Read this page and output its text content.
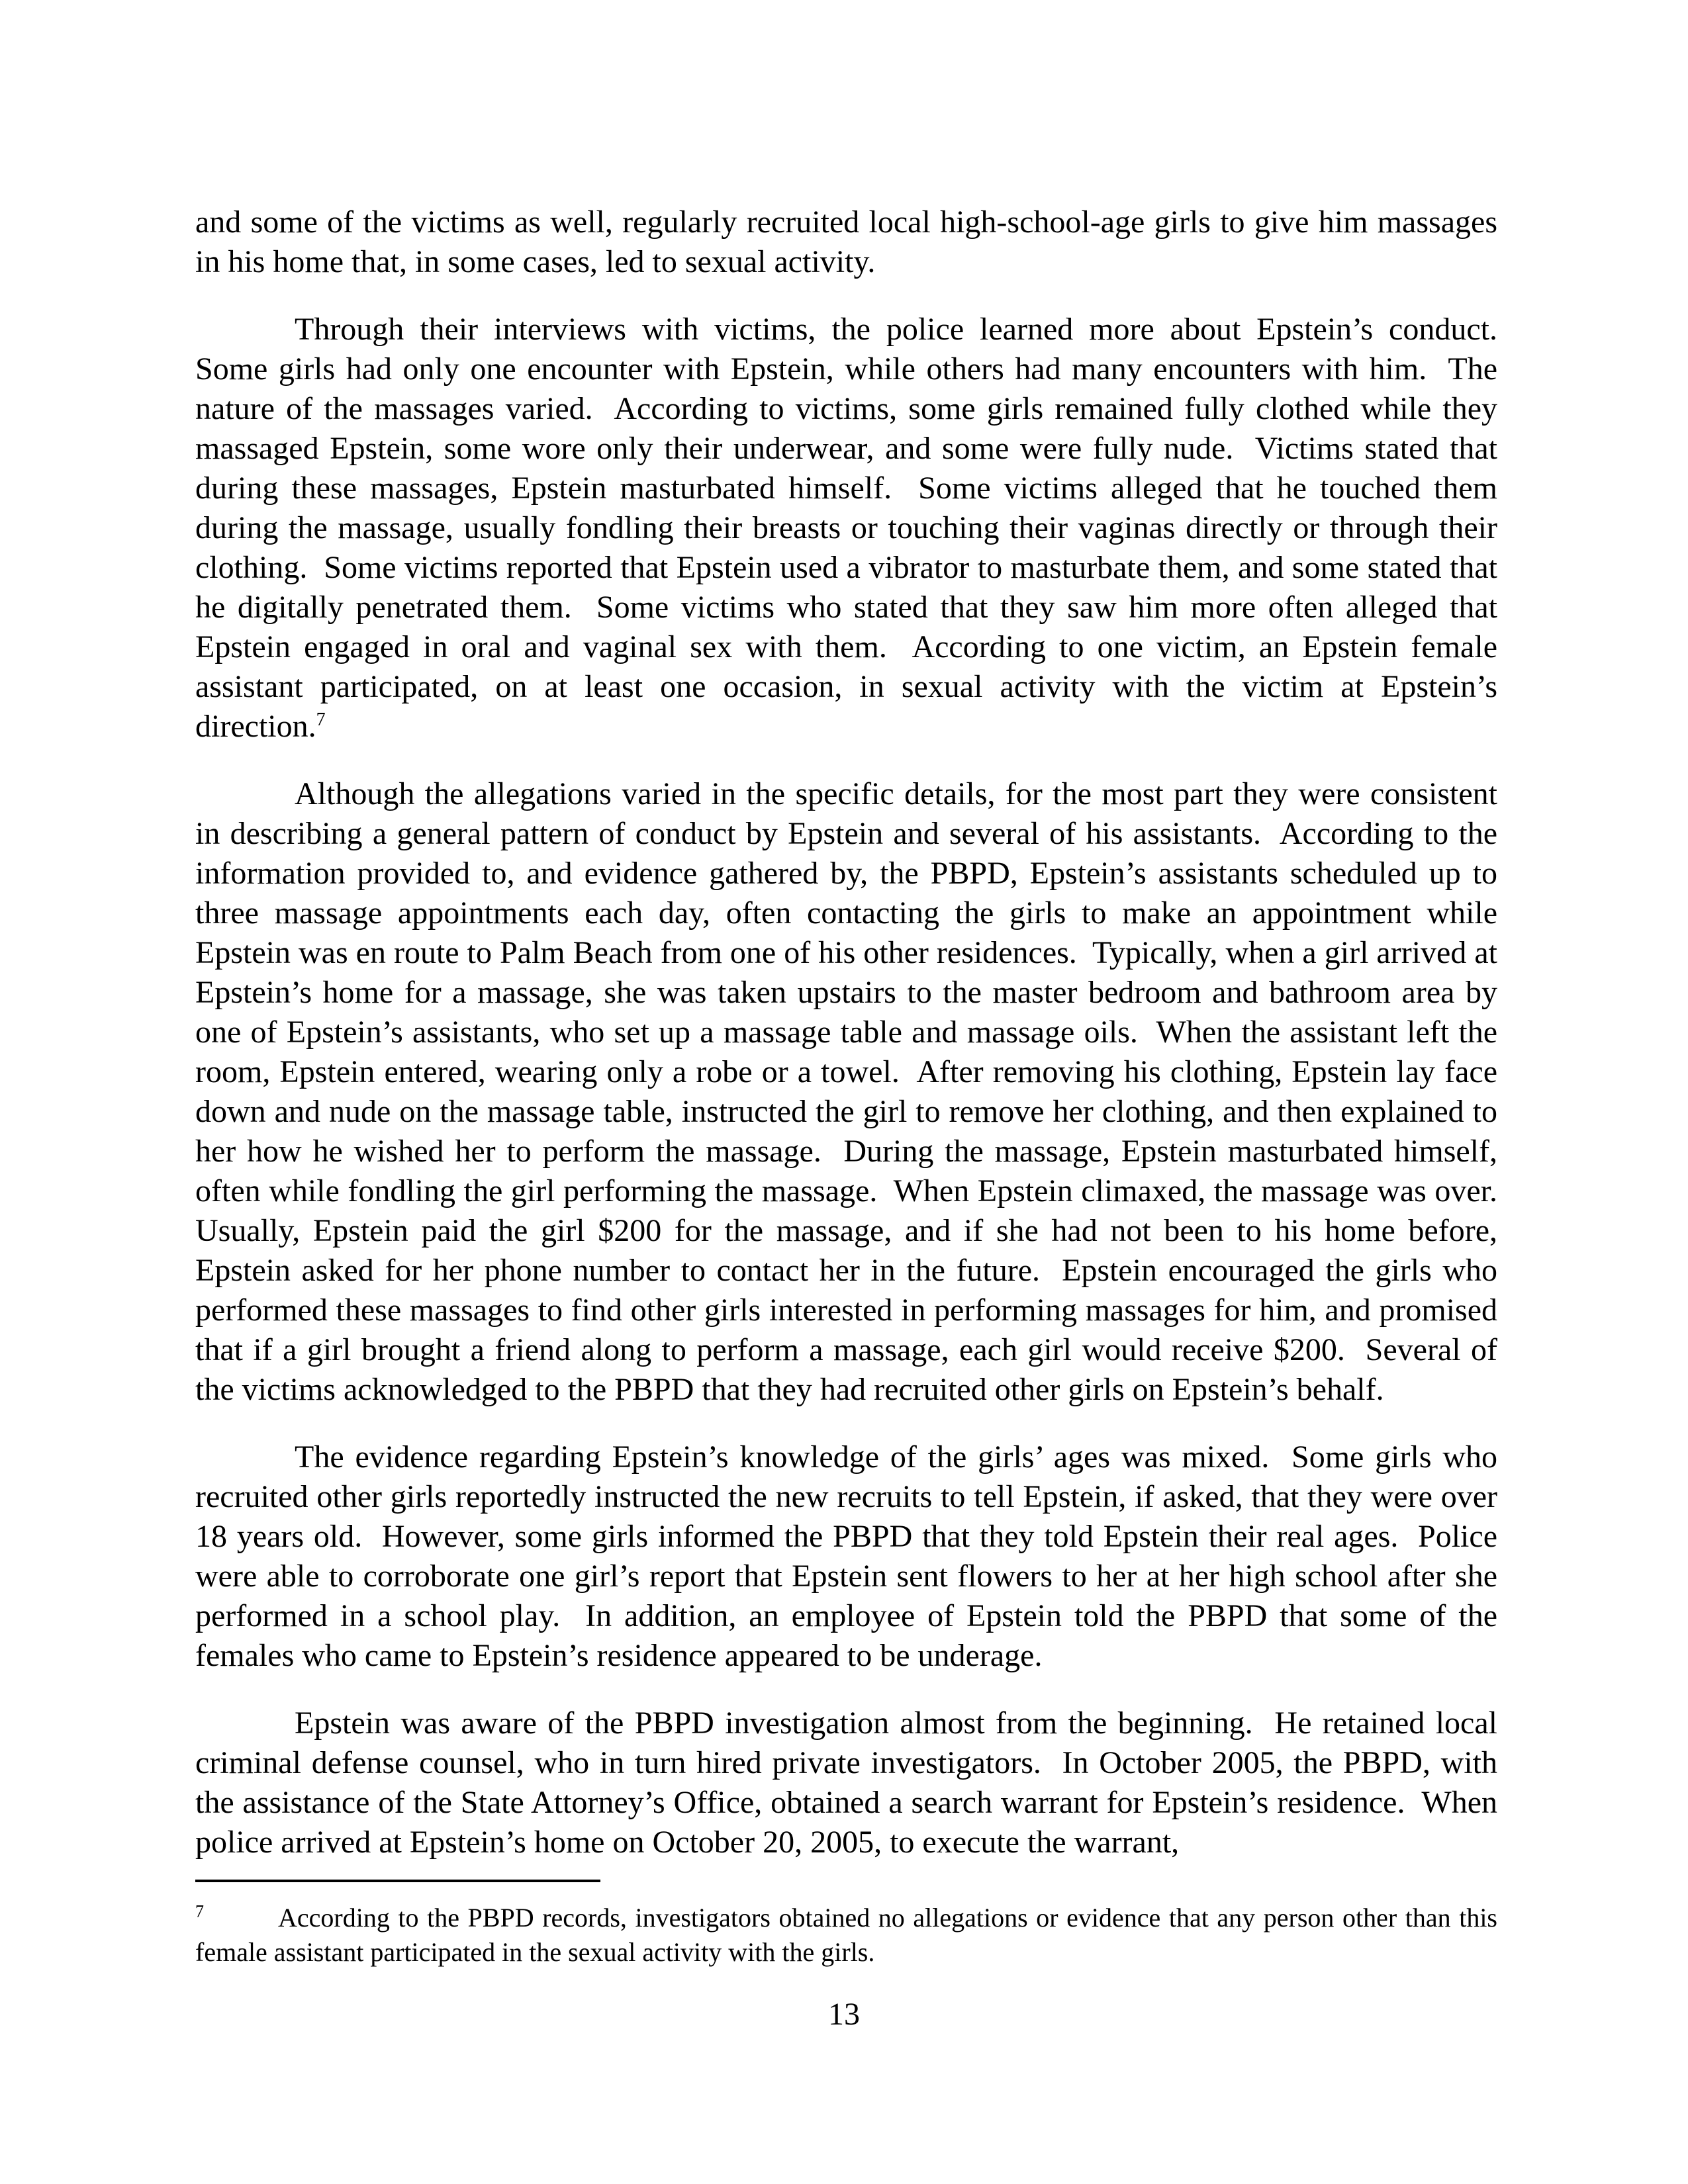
and some of the victims as well, regularly recruited local high-school-age girls to give him massages in his home that, in some cases, led to sexual activity.

Through their interviews with victims, the police learned more about Epstein’s conduct.  Some girls had only one encounter with Epstein, while others had many encounters with him.  The nature of the massages varied.  According to victims, some girls remained fully clothed while they massaged Epstein, some wore only their underwear, and some were fully nude.  Victims stated that during these massages, Epstein masturbated himself.  Some victims alleged that he touched them during the massage, usually fondling their breasts or touching their vaginas directly or through their clothing.  Some victims reported that Epstein used a vibrator to masturbate them, and some stated that he digitally penetrated them.  Some victims who stated that they saw him more often alleged that Epstein engaged in oral and vaginal sex with them.  According to one victim, an Epstein female assistant participated, on at least one occasion, in sexual activity with the victim at Epstein’s direction.$^7$

Although the allegations varied in the specific details, for the most part they were consistent in describing a general pattern of conduct by Epstein and several of his assistants.  According to the information provided to, and evidence gathered by, the PBPD, Epstein’s assistants scheduled up to three massage appointments each day, often contacting the girls to make an appointment while Epstein was en route to Palm Beach from one of his other residences.  Typically, when a girl arrived at Epstein’s home for a massage, she was taken upstairs to the master bedroom and bathroom area by one of Epstein’s assistants, who set up a massage table and massage oils.  When the assistant left the room, Epstein entered, wearing only a robe or a towel.  After removing his clothing, Epstein lay face down and nude on the massage table, instructed the girl to remove her clothing, and then explained to her how he wished her to perform the massage.  During the massage, Epstein masturbated himself, often while fondling the girl performing the massage.  When Epstein climaxed, the massage was over.  Usually, Epstein paid the girl $200 for the massage, and if she had not been to his home before, Epstein asked for her phone number to contact her in the future.  Epstein encouraged the girls who performed these massages to find other girls interested in performing massages for him, and promised that if a girl brought a friend along to perform a massage, each girl would receive $200.  Several of the victims acknowledged to the PBPD that they had recruited other girls on Epstein’s behalf.

The evidence regarding Epstein’s knowledge of the girls’ ages was mixed.  Some girls who recruited other girls reportedly instructed the new recruits to tell Epstein, if asked, that they were over 18 years old.  However, some girls informed the PBPD that they told Epstein their real ages.  Police were able to corroborate one girl’s report that Epstein sent flowers to her at her high school after she performed in a school play.  In addition, an employee of Epstein told the PBPD that some of the females who came to Epstein’s residence appeared to be underage.

Epstein was aware of the PBPD investigation almost from the beginning.  He retained local criminal defense counsel, who in turn hired private investigators.  In October 2005, the PBPD, with the assistance of the State Attorney’s Office, obtained a search warrant for Epstein’s residence.  When police arrived at Epstein’s home on October 20, 2005, to execute the warrant,

$^7$	According to the PBPD records, investigators obtained no allegations or evidence that any person other than this female assistant participated in the sexual activity with the girls.
13
